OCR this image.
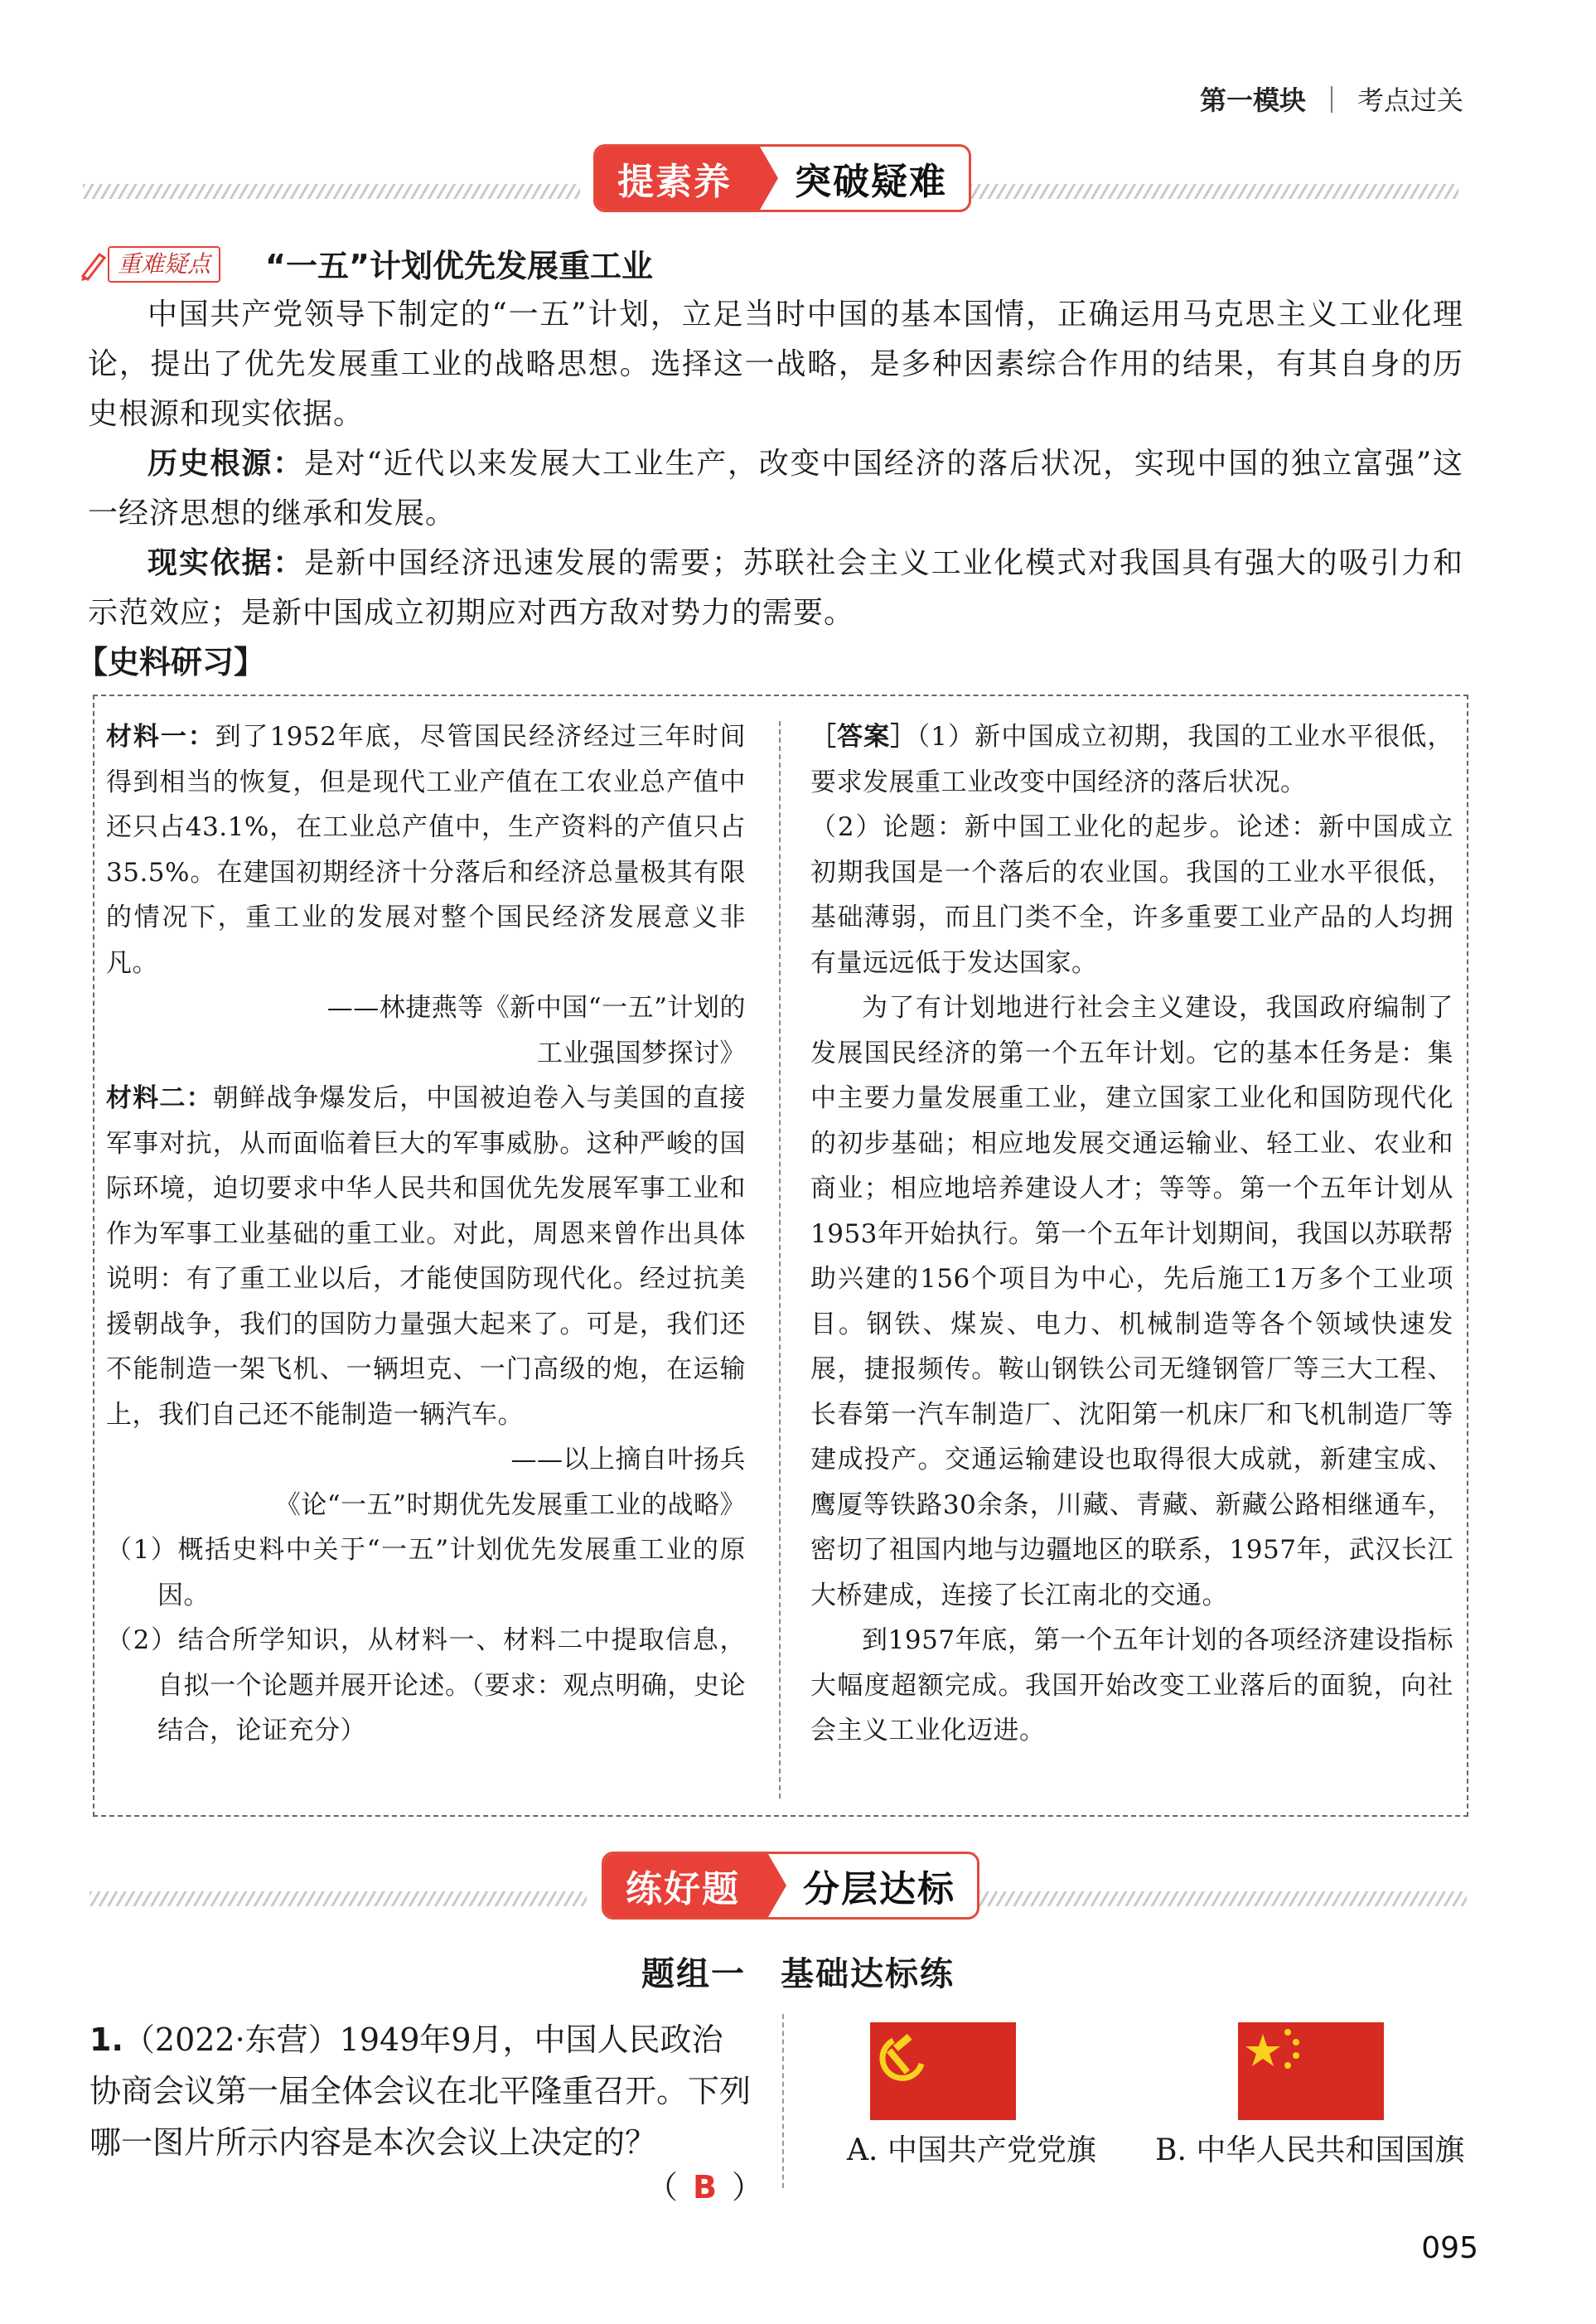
第一模块 考点过关
提素养	突破疑难
重难疑点	“一五”计划优先发展重工业
中国共产党领导下制定的“一五”计划，立足当时中国的基本国情，正确运用马克思主义工业化理论，提出了优先发展重工业的战略思想。选择这一战略，是多种因素综合作用的结果，有其自身的历史根源和现实依据。
历史根源：是对“近代以来发展大工业生产，改变中国经济的落后状况，实现中国的独立富强”这一经济思想的继承和发展。
现实依据：是新中国经济迅速发展的需要；苏联社会主义工业化模式对我国具有强大的吸引力和示范效应；是新中国成立初期应对西方敌对势力的需要。
【史料研习】
材料一：到了1952年底，尽管国民经济经过三年时间得到相当的恢复，但是现代工业产值在工农业总产值中还只占43.1%，在工业总产值中，生产资料的产值只占35.5%。在建国初期经济十分落后和经济总量极其有限的情况下，重工业的发展对整个国民经济发展意义非凡。
——林捷燕等《新中国“一五”计划的
工业强国梦探讨》
材料二：朝鲜战争爆发后，中国被迫卷入与美国的直接军事对抗，从而面临着巨大的军事威胁。这种严峻的国际环境，迫切要求中华人民共和国优先发展军事工业和作为军事工业基础的重工业。对此，周恩来曾作出具体说明：有了重工业以后，才能使国防现代化。经过抗美援朝战争，我们的国防力量强大起来了。可是，我们还不能制造一架飞机、一辆坦克、一门高级的炮，在运输上，我们自己还不能制造一辆汽车。
——以上摘自叶扬兵
《论“一五”时期优先发展重工业的战略》
（1）概括史料中关于“一五”计划优先发展重工业的原因。
（2）结合所学知识，从材料一、材料二中提取信息，自拟一个论题并展开论述。（要求：观点明确，史论结合，论证充分）
［答案］（1）新中国成立初期，我国的工业水平很低，要求发展重工业改变中国经济的落后状况。
（2）论题：新中国工业化的起步。论述：新中国成立初期我国是一个落后的农业国。我国的工业水平很低，基础薄弱，而且门类不全，许多重要工业产品的人均拥有量远远低于发达国家。
为了有计划地进行社会主义建设，我国政府编制了发展国民经济的第一个五年计划。它的基本任务是：集中主要力量发展重工业，建立国家工业化和国防现代化的初步基础；相应地发展交通运输业、轻工业、农业和商业；相应地培养建设人才；等等。第一个五年计划从1953年开始执行。第一个五年计划期间，我国以苏联帮助兴建的156个项目为中心，先后施工1万多个工业项目。钢铁、煤炭、电力、机械制造等各个领域快速发展，捷报频传。鞍山钢铁公司无缝钢管厂等三大工程、长春第一汽车制造厂、沈阳第一机床厂和飞机制造厂等建成投产。交通运输建设也取得很大成就，新建宝成、鹰厦等铁路30余条，川藏、青藏、新藏公路相继通车，密切了祖国内地与边疆地区的联系，1957年，武汉长江大桥建成，连接了长江南北的交通。
到1957年底，第一个五年计划的各项经济建设指标大幅度超额完成。我国开始改变工业落后的面貌，向社会主义工业化迈进。
练好题	分层达标
题组一　基础达标练
1.（2022·东营）1949年9月，中国人民政治协商会议第一届全体会议在北平隆重召开。下列哪一图片所示内容是本次会议上决定的？
（ B ）
A. 中国共产党党旗 B. 中华人民共和国国旗
095
